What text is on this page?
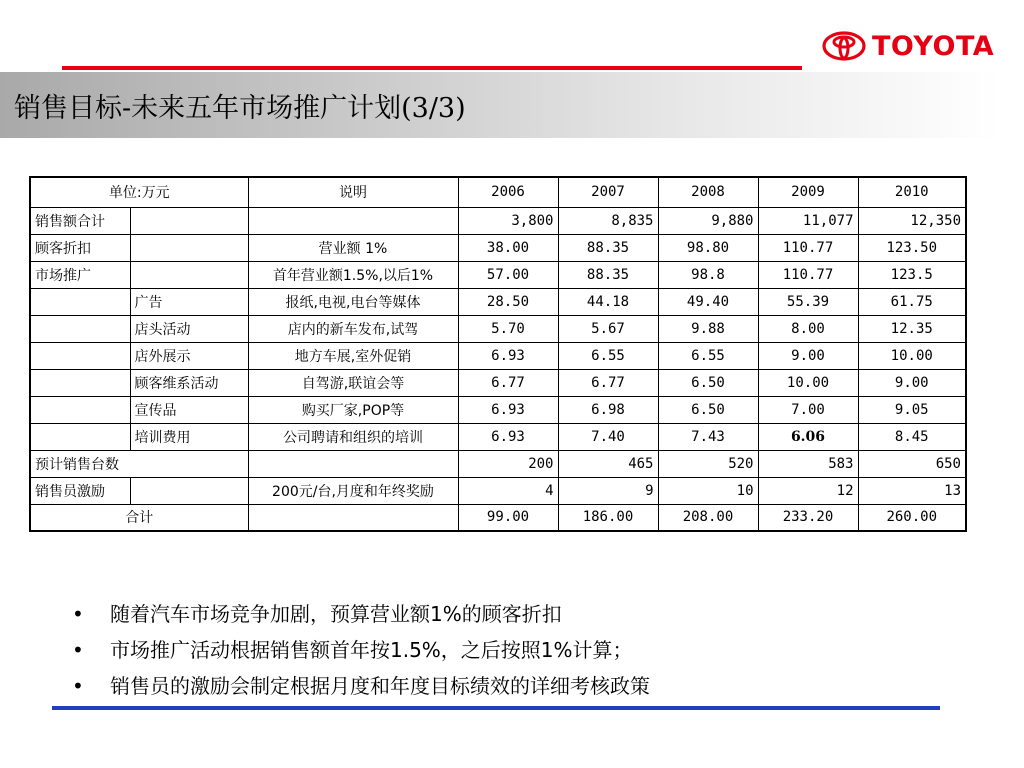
TOYOTA
销售目标-未来五年市场推广计划(3/3)
单位:万元		说明	2006	2007	2008	2009	2010
销售额合计			3,800	8,835	9,880	11,077	12,350
顾客折扣		营业额 1%	38.00	88.35	98.80	110.77	123.50
市场推广		首年营业额1.5%,以后1%	57.00	88.35	98.8	110.77	123.5
	广告	报纸,电视,电台等媒体	28.50	44.18	49.40	55.39	61.75
	店头活动	店内的新车发布,试驾	5.70	5.67	9.88	8.00	12.35
	店外展示	地方车展,室外促销	6.93	6.55	6.55	9.00	10.00
	顾客维系活动	自驾游,联谊会等	6.77	6.77	6.50	10.00	9.00
	宣传品	购买厂家,POP等	6.93	6.98	6.50	7.00	9.05
	培训费用	公司聘请和组织的培训	6.93	7.40	7.43	6.06	8.45
预计销售台数			200	465	520	583	650
销售员激励		200元/台,月度和年终奖励	4	9	10	12	13
合计			99.00	186.00	208.00	233.20	260.00
• 随着汽车市场竞争加剧，预算营业额1%的顾客折扣
• 市场推广活动根据销售额首年按1.5%，之后按照1%计算；
• 销售员的激励会制定根据月度和年度目标绩效的详细考核政策
